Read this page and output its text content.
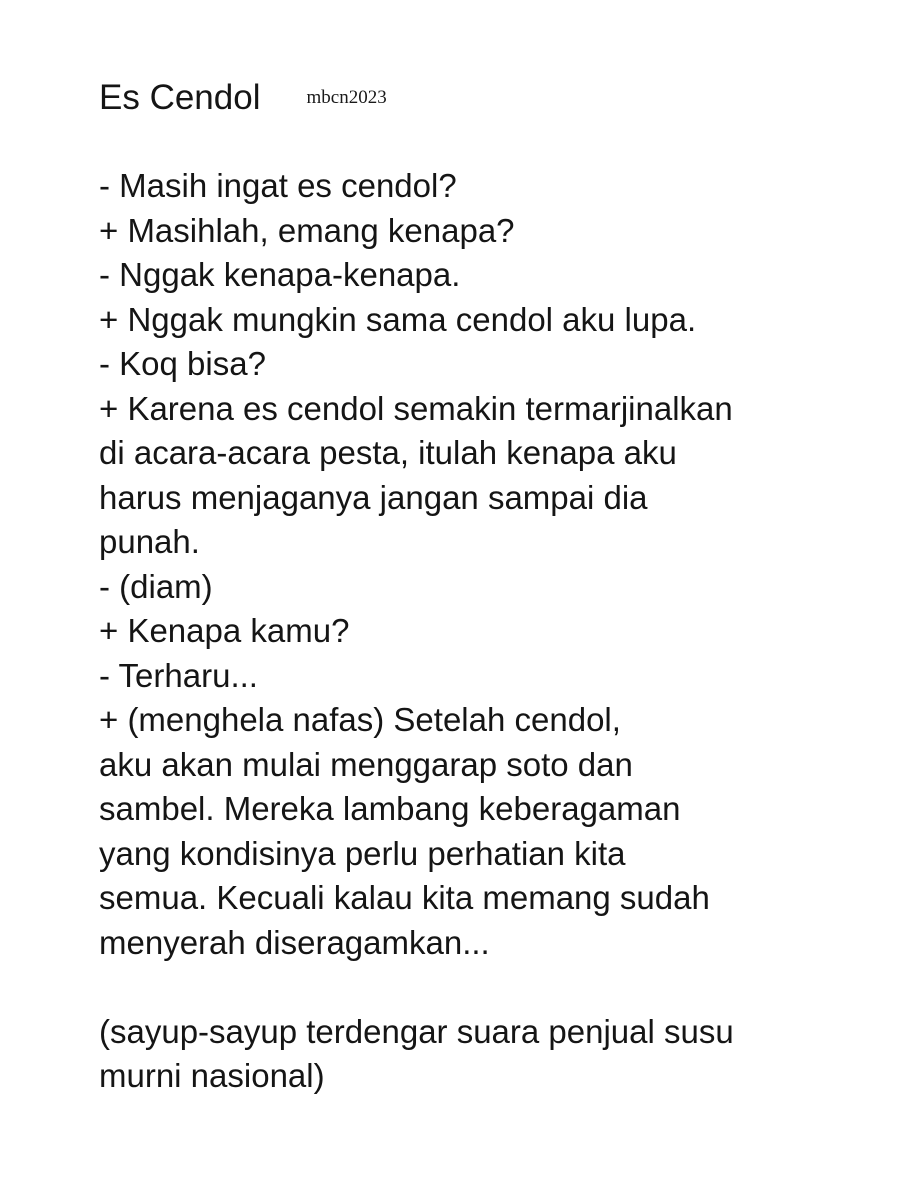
Es Cendol mbcn2023
- Masih ingat es cendol?
+ Masihlah, emang kenapa?
- Nggak kenapa-kenapa.
+ Nggak mungkin sama cendol aku lupa.
- Koq bisa?
+ Karena es cendol semakin termarjinalkan
di acara-acara pesta, itulah kenapa aku
harus menjaganya jangan sampai dia
punah.
- (diam)
+ Kenapa kamu?
- Terharu...
+ (menghela nafas) Setelah cendol,
aku akan mulai menggarap soto dan
sambel. Mereka lambang keberagaman
yang kondisinya perlu perhatian kita
semua. Kecuali kalau kita memang sudah
menyerah diseragamkan...
(sayup-sayup terdengar suara penjual susu
murni nasional)
